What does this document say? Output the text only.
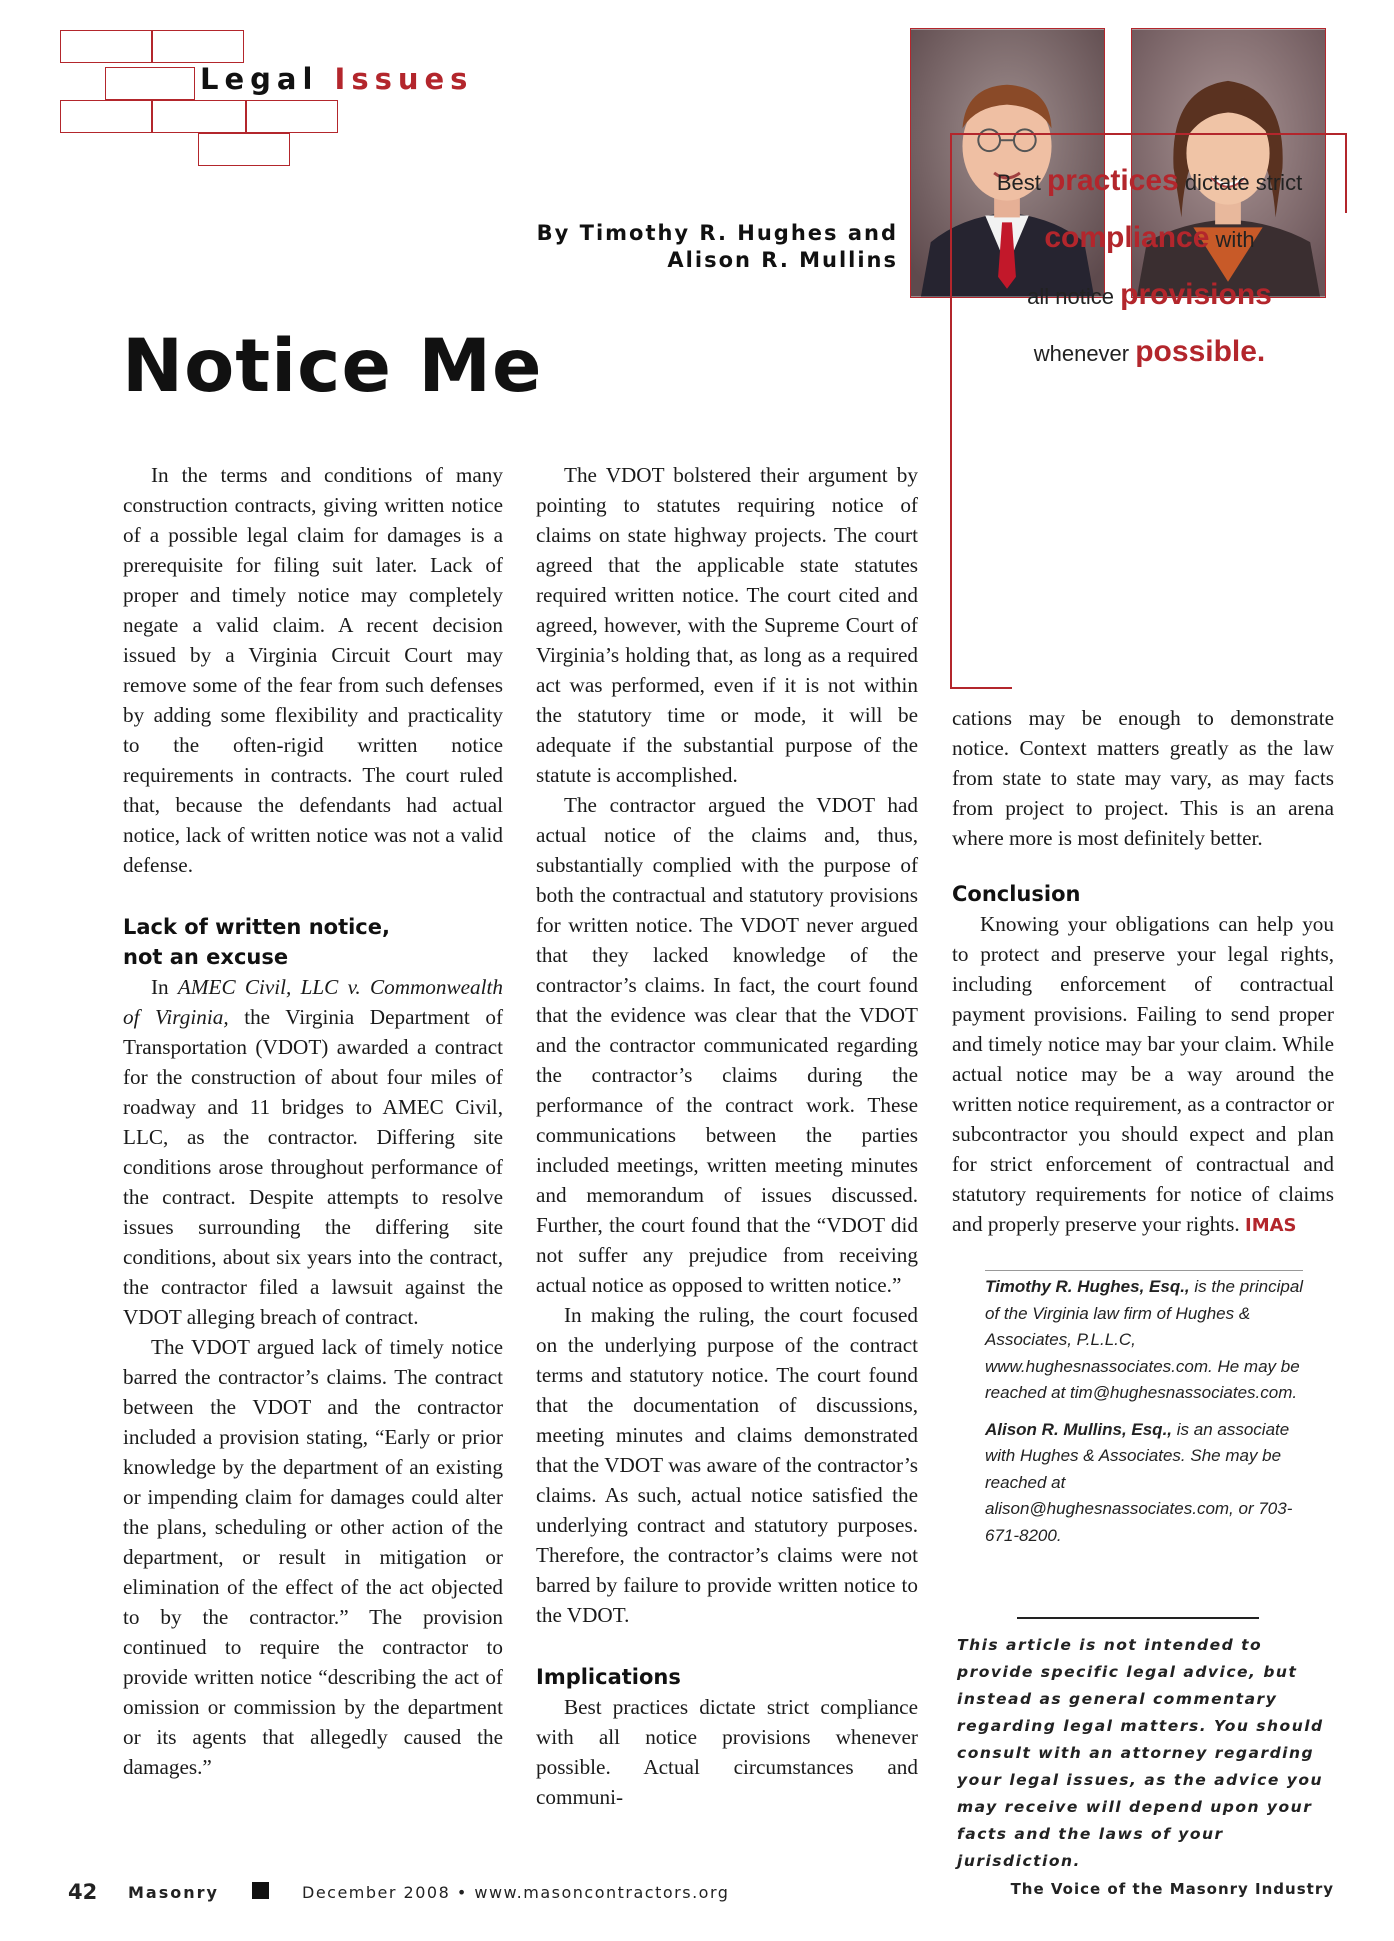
Legal Issues
By Timothy R. Hughes and
Alison R. Mullins
Notice Me

In the terms and conditions of many construction contracts, giving written notice of a possible legal claim for damages is a prerequisite for filing suit later. Lack of proper and timely notice may completely negate a valid claim. A recent decision issued by a Virginia Circuit Court may remove some of the fear from such defenses by adding some flexibility and practicality to the often-rigid written notice requirements in contracts. The court ruled that, because the defendants had actual notice, lack of written notice was not a valid defense.

Lack of written notice,
not an excuse

In AMEC Civil, LLC v. Commonwealth of Virginia, the Virginia Department of Transportation (VDOT) awarded a contract for the construction of about four miles of roadway and 11 bridges to AMEC Civil, LLC, as the contractor. Differing site conditions arose throughout performance of the contract. Despite attempts to resolve issues surrounding the differing site conditions, about six years into the contract, the contractor filed a lawsuit against the VDOT alleging breach of contract.

The VDOT argued lack of timely notice barred the contractor’s claims. The contract between the VDOT and the contractor included a provision stating, “Early or prior knowledge by the department of an existing or impending claim for damages could alter the plans, scheduling or other action of the department, or result in mitigation or elimination of the effect of the act objected to by the contractor.” The provision continued to require the contractor to provide written notice “describing the act of omission or commission by the department or its agents that allegedly caused the damages.”

The VDOT bolstered their argument by pointing to statutes requiring notice of claims on state highway projects. The court agreed that the applicable state statutes required written notice. The court cited and agreed, however, with the Supreme Court of Virginia’s holding that, as long as a required act was performed, even if it is not within the statutory time or mode, it will be adequate if the substantial purpose of the statute is accomplished.

The contractor argued the VDOT had actual notice of the claims and, thus, substantially complied with the purpose of both the contractual and statutory provisions for written notice. The VDOT never argued that they lacked knowledge of the contractor’s claims. In fact, the court found that the evidence was clear that the VDOT and the contractor communicated regarding the contractor’s claims during the performance of the contract work. These communications between the parties included meetings, written meeting minutes and memorandum of issues discussed. Further, the court found that the “VDOT did not suffer any prejudice from receiving actual notice as opposed to written notice.”

In making the ruling, the court focused on the underlying purpose of the contract terms and statutory notice. The court found that the documentation of discussions, meeting minutes and claims demonstrated that the VDOT was aware of the contractor’s claims. As such, actual notice satisfied the underlying contract and statutory purposes. Therefore, the contractor’s claims were not barred by failure to provide written notice to the VDOT.

Implications

Best practices dictate strict compliance with all notice provisions whenever possible. Actual circumstances and communi-

Best practices dictate strict
compliance with
all notice provisions
whenever possible.

cations may be enough to demonstrate notice. Context matters greatly as the law from state to state may vary, as may facts from project to project. This is an arena where more is most definitely better.

Conclusion

Knowing your obligations can help you to protect and preserve your legal rights, including enforcement of contractual payment provisions. Failing to send proper and timely notice may bar your claim. While actual notice may be a way around the written notice requirement, as a contractor or subcontractor you should expect and plan for strict enforcement of contractual and statutory requirements for notice of claims and properly preserve your rights. IMAS

Timothy R. Hughes, Esq., is the principal of the Virginia law firm of Hughes & Associates, P.L.L.C, www.hughesnassociates.com. He may be reached at tim@hughesnassociates.com.

Alison R. Mullins, Esq., is an associate with Hughes & Associates. She may be reached at alison@hughesnassociates.com, or 703-671-8200.

This article is not intended to provide specific legal advice, but instead as general commentary regarding legal matters. You should consult with an attorney regarding your legal issues, as the advice you may receive will depend upon your facts and the laws of your jurisdiction.
42 Masonry	December 2008 • www.masoncontractors.org	The Voice of the Masonry Industry
